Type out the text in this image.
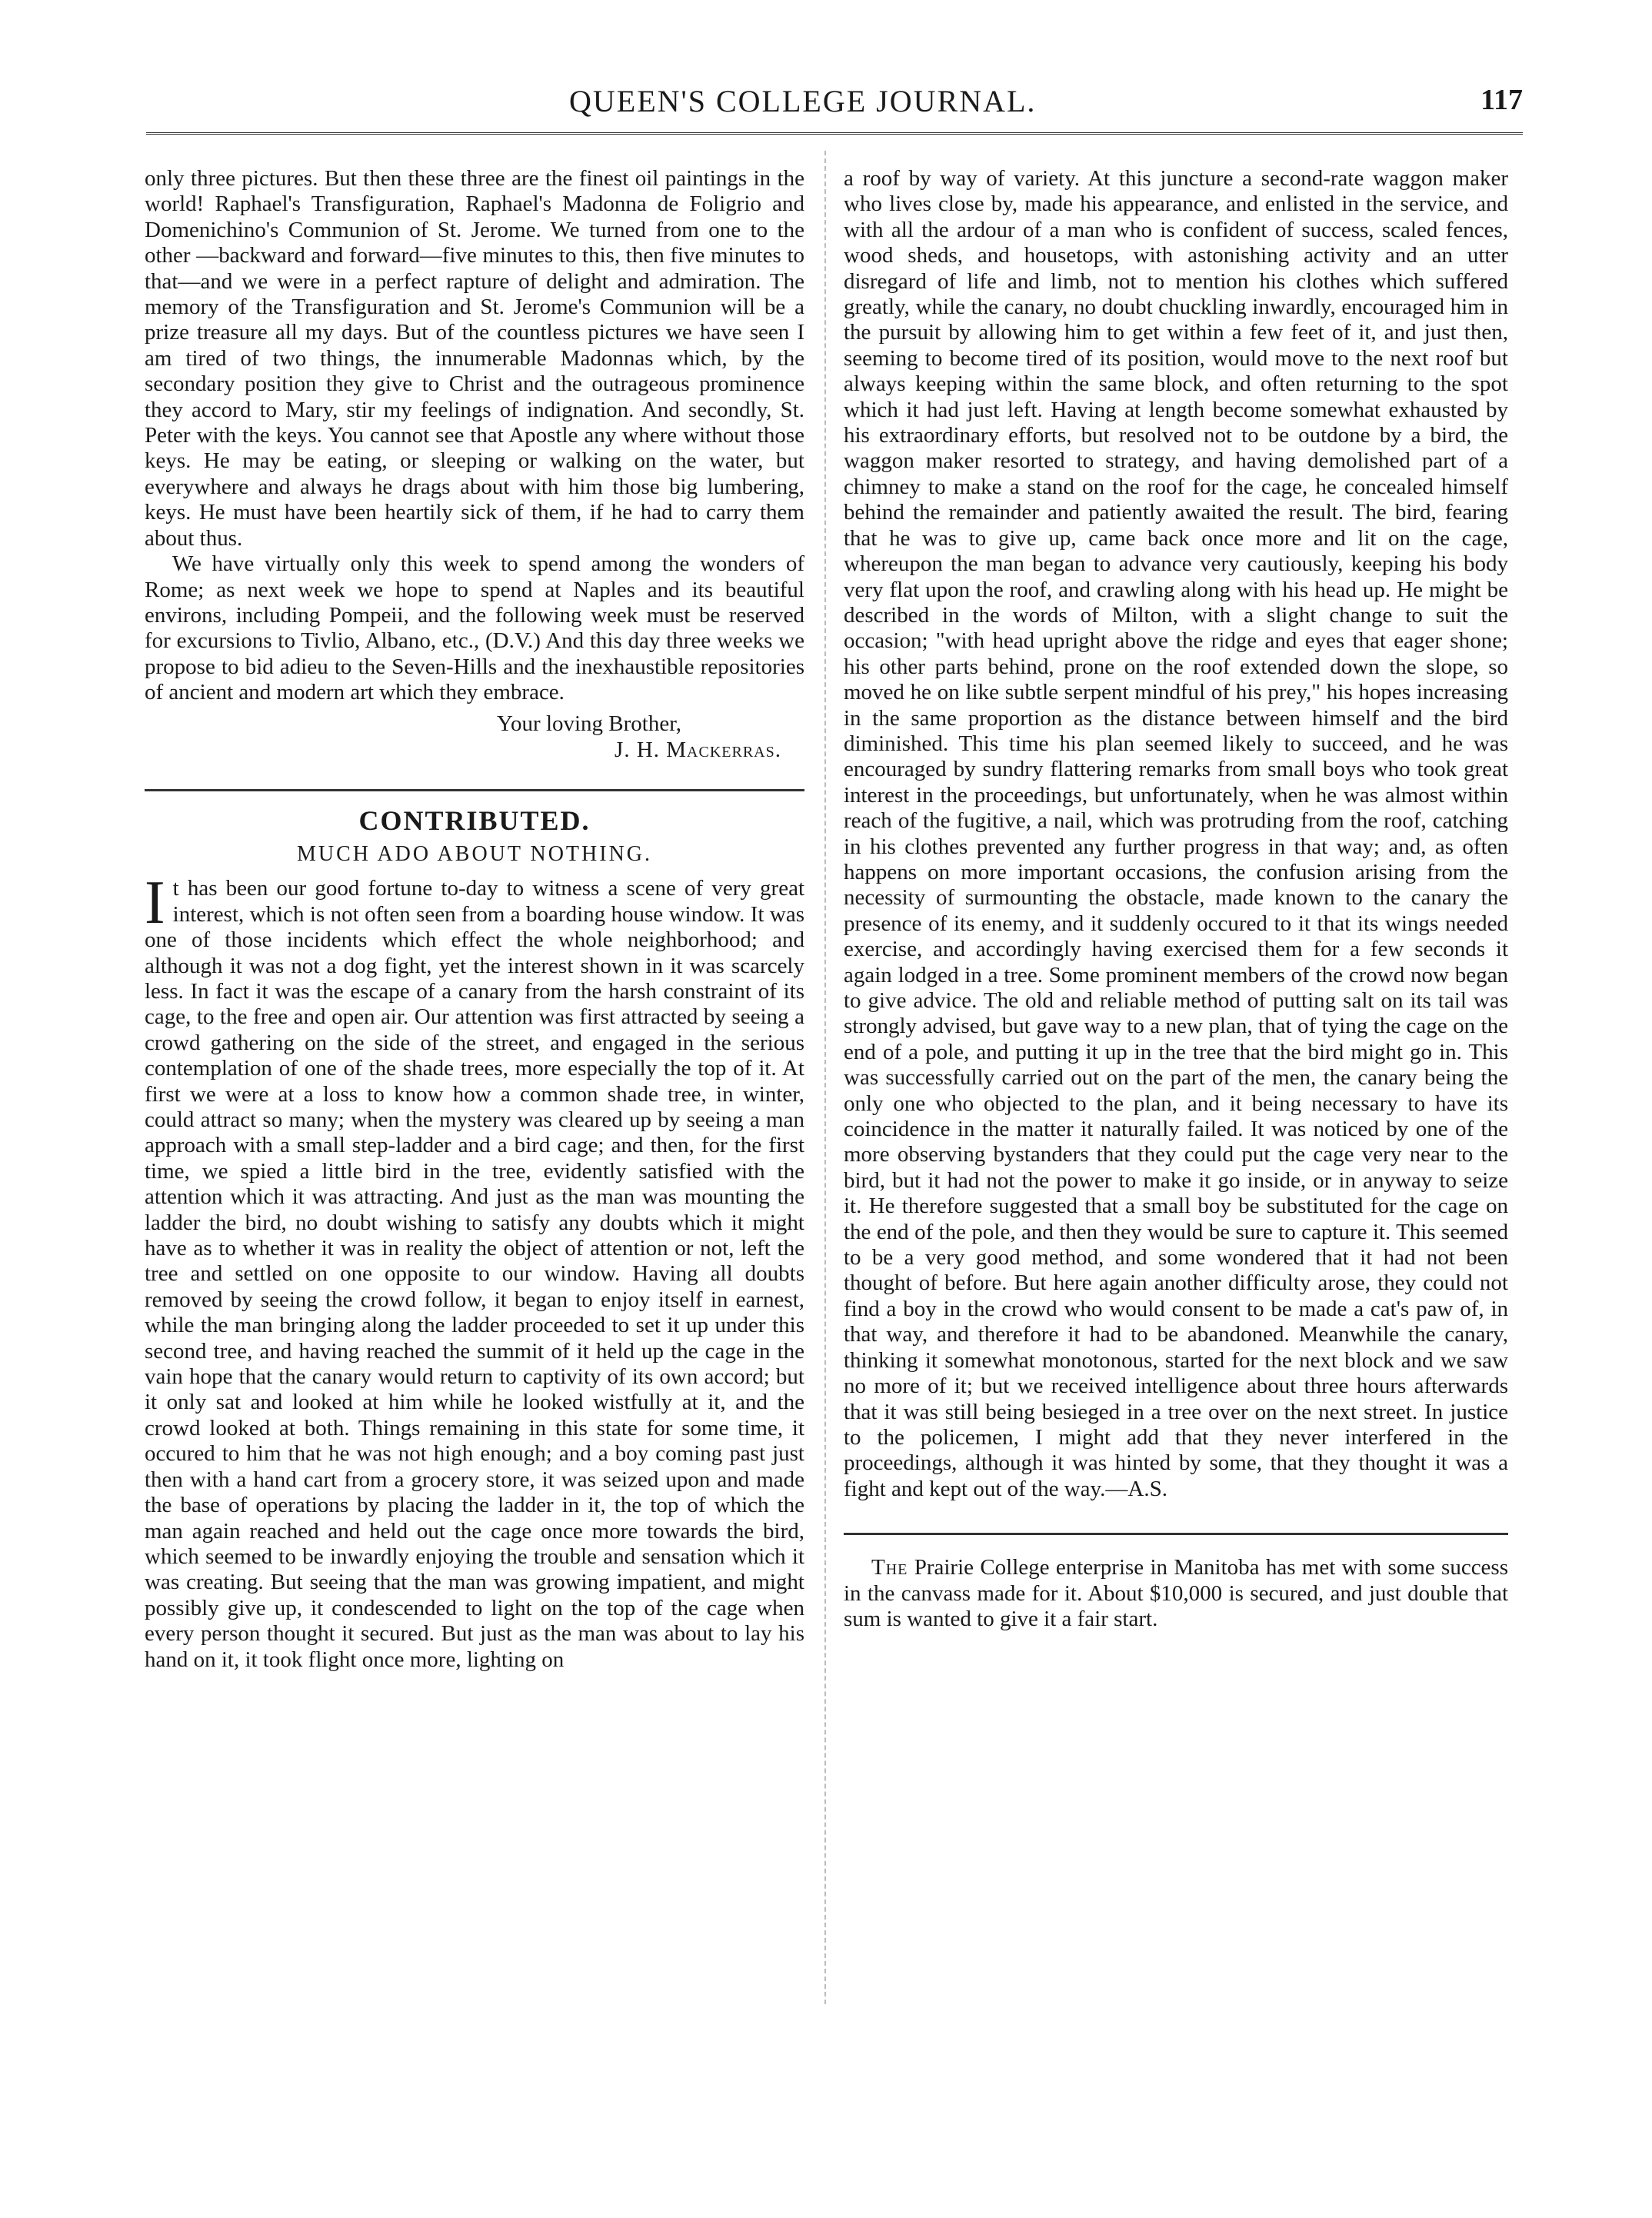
QUEEN'S COLLEGE JOURNAL.	117

only three pictures. But then these three are the finest oil paintings in the world! Raphael's Transfiguration, Raphael's Madonna de Foligrio and Domenichino's Communion of St. Jerome. We turned from one to the other —backward and forward—five minutes to this, then five minutes to that—and we were in a perfect rapture of delight and admiration. The memory of the Transfiguration and St. Jerome's Communion will be a prize treasure all my days. But of the countless pictures we have seen I am tired of two things, the innumerable Madonnas which, by the secondary position they give to Christ and the outrageous prominence they accord to Mary, stir my feelings of indignation. And secondly, St. Peter with the keys. You cannot see that Apostle any where without those keys. He may be eating, or sleeping or walking on the water, but everywhere and always he drags about with him those big lumbering, keys. He must have been heartily sick of them, if he had to carry them about thus.

We have virtually only this week to spend among the wonders of Rome; as next week we hope to spend at Naples and its beautiful environs, including Pompeii, and the following week must be reserved for excursions to Tivlio, Albano, etc., (D.V.) And this day three weeks we propose to bid adieu to the Seven-Hills and the inexhaustible repositories of ancient and modern art which they embrace.

Your loving Brother,
J. H. Mackerras.
CONTRIBUTED.
MUCH ADO ABOUT NOTHING.

It has been our good fortune to-day to witness a scene of very great interest, which is not often seen from a boarding house window. It was one of those incidents which effect the whole neighborhood; and although it was not a dog fight, yet the interest shown in it was scarcely less. In fact it was the escape of a canary from the harsh constraint of its cage, to the free and open air. Our attention was first attracted by seeing a crowd gathering on the side of the street, and engaged in the serious contemplation of one of the shade trees, more especially the top of it. At first we were at a loss to know how a common shade tree, in winter, could attract so many; when the mystery was cleared up by seeing a man approach with a small step-ladder and a bird cage; and then, for the first time, we spied a little bird in the tree, evidently satisfied with the attention which it was attracting. And just as the man was mounting the ladder the bird, no doubt wishing to satisfy any doubts which it might have as to whether it was in reality the object of attention or not, left the tree and settled on one opposite to our window. Having all doubts removed by seeing the crowd follow, it began to enjoy itself in earnest, while the man bringing along the ladder proceeded to set it up under this second tree, and having reached the summit of it held up the cage in the vain hope that the canary would return to captivity of its own accord; but it only sat and looked at him while he looked wistfully at it, and the crowd looked at both. Things remaining in this state for some time, it occured to him that he was not high enough; and a boy coming past just then with a hand cart from a grocery store, it was seized upon and made the base of operations by placing the ladder in it, the top of which the man again reached and held out the cage once more towards the bird, which seemed to be inwardly enjoying the trouble and sensation which it was creating. But seeing that the man was growing impatient, and might possibly give up, it condescended to light on the top of the cage when every person thought it secured. But just as the man was about to lay his hand on it, it took flight once more, lighting on

a roof by way of variety. At this juncture a second-rate waggon maker who lives close by, made his appearance, and enlisted in the service, and with all the ardour of a man who is confident of success, scaled fences, wood sheds, and housetops, with astonishing activity and an utter disregard of life and limb, not to mention his clothes which suffered greatly, while the canary, no doubt chuckling inwardly, encouraged him in the pursuit by allowing him to get within a few feet of it, and just then, seeming to become tired of its position, would move to the next roof but always keeping within the same block, and often returning to the spot which it had just left. Having at length become somewhat exhausted by his extraordinary efforts, but resolved not to be outdone by a bird, the waggon maker resorted to strategy, and having demolished part of a chimney to make a stand on the roof for the cage, he concealed himself behind the remainder and patiently awaited the result. The bird, fearing that he was to give up, came back once more and lit on the cage, whereupon the man began to advance very cautiously, keeping his body very flat upon the roof, and crawling along with his head up. He might be described in the words of Milton, with a slight change to suit the occasion; "with head upright above the ridge and eyes that eager shone; his other parts behind, prone on the roof extended down the slope, so moved he on like subtle serpent mindful of his prey," his hopes increasing in the same proportion as the distance between himself and the bird diminished. This time his plan seemed likely to succeed, and he was encouraged by sundry flattering remarks from small boys who took great interest in the proceedings, but unfortunately, when he was almost within reach of the fugitive, a nail, which was protruding from the roof, catching in his clothes prevented any further progress in that way; and, as often happens on more important occasions, the confusion arising from the necessity of surmounting the obstacle, made known to the canary the presence of its enemy, and it suddenly occured to it that its wings needed exercise, and accordingly having exercised them for a few seconds it again lodged in a tree. Some prominent members of the crowd now began to give advice. The old and reliable method of putting salt on its tail was strongly advised, but gave way to a new plan, that of tying the cage on the end of a pole, and putting it up in the tree that the bird might go in. This was successfully carried out on the part of the men, the canary being the only one who objected to the plan, and it being necessary to have its coincidence in the matter it naturally failed. It was noticed by one of the more observing bystanders that they could put the cage very near to the bird, but it had not the power to make it go inside, or in anyway to seize it. He therefore suggested that a small boy be substituted for the cage on the end of the pole, and then they would be sure to capture it. This seemed to be a very good method, and some wondered that it had not been thought of before. But here again another difficulty arose, they could not find a boy in the crowd who would consent to be made a cat's paw of, in that way, and therefore it had to be abandoned. Meanwhile the canary, thinking it somewhat monotonous, started for the next block and we saw no more of it; but we received intelligence about three hours afterwards that it was still being besieged in a tree over on the next street. In justice to the policemen, I might add that they never interfered in the proceedings, although it was hinted by some, that they thought it was a fight and kept out of the way.—A.S.

The Prairie College enterprise in Manitoba has met with some success in the canvass made for it. About $10,000 is secured, and just double that sum is wanted to give it a fair start.
